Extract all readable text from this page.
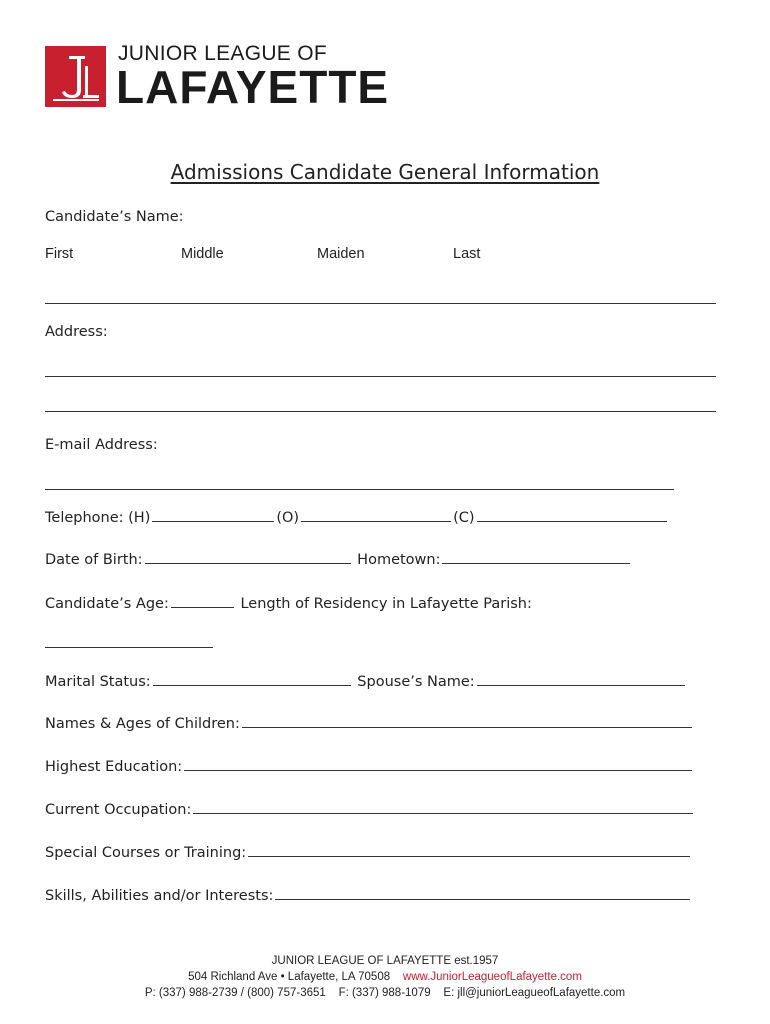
JUNIOR LEAGUE OF
LAFAYETTE
Admissions Candidate General Information
Candidate’s Name:
First	Middle	Maiden	Last
Address:
E-mail Address:
Telephone: (H)	(O)	(C)
Date of Birth:	Hometown:
Candidate’s Age:	Length of Residency in Lafayette Parish:
Marital Status:	Spouse’s Name:
Names & Ages of Children:
Highest Education:
Current Occupation:
Special Courses or Training:
Skills, Abilities and/or Interests:
JUNIOR LEAGUE OF LAFAYETTE est.1957
504 Richland Ave • Lafayette, LA 70508 www.JuniorLeagueofLafayette.com
P: (337) 988-2739 / (800) 757-3651 F: (337) 988-1079 E: jll@juniorLeagueofLafayette.com
